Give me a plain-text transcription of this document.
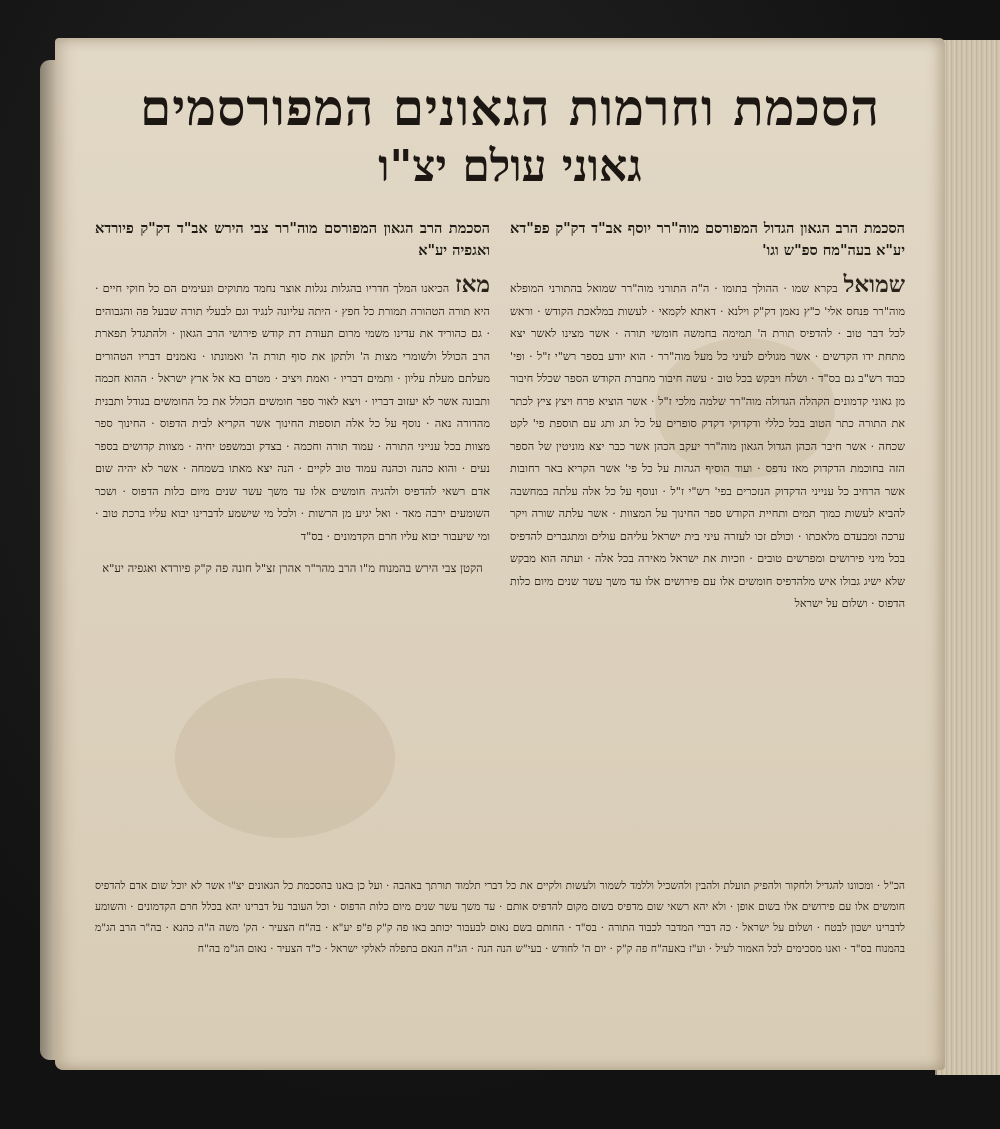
הסכמת וחרמות הגאונים המפורסמים
גאוני עולם יצ"ו

הסכמת הרב הגאון הגדול המפורסם מוה"רר יוסף אב"ד דק"ק פפ"דא יע"א בעה"מח ספ"ש וגו'

שמואלבקרא שמו · ההולך בתומו · ה"ה התורני מוה"רר שמואל בהתורני המופלא מוה"רר פנחס אלי' כ"ץ נאמן דק"ק וילנא · דאתא לקמאי · לעשות במלאכת הקודש · וראש לכל דבר טוב · להדפיס תורת ה' תמימה בחמשה חומשי תורה · אשר מצינו לאשר יצא מתחת ידו הקדשים · אשר מגולים לעיני כל מעל מוה"רר · הוא יודע בספר רש"י ז"ל · ופי' כבוד רש"ב גם בס"ד · ושלח ויבקש בכל טוב · עשה חיבור מחברת הקודש הספר שכלל חיבור מן גאוני קדמונים הקהלה הגדולה מוה"רר שלמה מלכי ז"ל · אשר הוציא פרח ויצץ ציץ לכתר את התורה כתר הטוב בכל כללי ודקדוקי דקדק סופרים על כל תג ותג עם תוספת פי' לקט שכחה · אשר חיבר הכהן הגדול הגאון מוה"רר יעקב הכהן אשר כבר יצא מוניטין של הספר הזה בחוכמת הדקדוק מאז נדפס · ועוד הוסיף הגהות על כל פי' אשר הקריא באר רחובות אשר הרחיב כל ענייני הדקדוק הנזכרים בפי' רש"י ז"ל · ונוסף על כל אלה עלתה במחשבה להביא לעשות כמוך תמים ותחיית הקודש ספר החינוך על המצוות · אשר עלתה שורה ויקר ערכה ומבעדם מלאכתו · וכולם זכו לעזרה עיני בית ישראל עליהם עולים ומתגברים להדפיס בכל מיני פירושים ומפרשים טובים · וזכיות את ישראל מאירה בכל אלה · ועתה הוא מבקש שלא ישיג גבולו איש מלהדפיס חומשים אלו עם פירושים אלו עד משך עשר שנים מיום כלות הדפוס · ושלום על ישראל

הסכמת הרב הגאון המפורסם מוה"רר צבי הירש אב"ד דק"ק פיורדא ואגפיה יע"א

מאזהכיאנו המלך חדריו בהגלות נגלות אוצר נחמד מתוקים ונעימים הם כל חוקי חיים · היא תורה הטהורה תמורת כל חפץ · היתה עליונה לנגיד וגם לבעלי תורה שבעל פה והגבוהים · גם כהוריד את עדינו משמי מרום תעודת דת קודש פירושי הרב הגאון · ולהתגדל תפארת הרב הכולל ולשומרי מצות ה' ולתקן את סוף תורת ה' ואמונתו · נאמנים דבריו הטהורים מעלתם מעלת עליון · ותמים דבריו · ואמת ויציב · מטרם בא אל ארץ ישראל · ההוא חכמה ותבונה אשר לא יעזוב דבריו · ויצא לאור ספר חומשים הכולל את כל החומשים בגודל ותבנית מהדורה נאה · נוסף על כל אלה תוספות החינוך אשר הקריא לבית הדפוס · החינוך ספר מצוות בכל ענייני התורה · עמוד תורה וחכמה · בצדק ובמשפט יחיה · מצוות קדושים בספר נעים · והוא כהנה וכהנה עמוד טוב לקיים · הנה יצא מאתו בשמחה · אשר לא יהיה שום אדם רשאי להדפיס ולהגיה חומשים אלו עד משך עשר שנים מיום כלות הדפוס · ושכר השומעים ירבה מאד · ואל יגיע מן הרשות · ולכל מי שישמע לדברינו יבוא עליו ברכת טוב · ומי שיעבור יבוא עליו חרם הקדמונים · בס"ד

הקטן צבי הירש בהמנוח מ"ו הרב מהר"ר אהרן זצ"ל חונה פה ק"ק פיורדא ואגפיה יע"א

הכ"ל · ומכוונו להגדיל ולחקור ולהפיק תועלת ולהבין ולהשכיל וללמד לשמור ולעשות ולקיים את כל דברי תלמוד תורתך באהבה · ועל כן באנו בהסכמת כל הגאונים יצ"ו אשר לא יוכל שום אדם להדפיס חומשים אלו עם פירושים אלו בשום אופן · ולא יהא רשאי שום מדפיס בשום מקום להדפיס אותם · עד משך עשר שנים מיום כלות הדפוס · וכל העובר על דברינו יהא בכלל חרם הקדמונים · והשומע לדברינו ישכון לבטח · ושלום על ישראל · כה דברי המדבר לכבוד התורה · בס"ד · החותם בשם נאום לבעבור יכותב באו פה ק"ק פ"פ יע"א · בה"ח הצעיר · הק' משה ה"ה כהנא · בה"ר הרב הג"מ בהמנוח בס"ד · ואנו מסכימים לכל האמור לעיל · וע"ז באעה"ח פה ק"ק · יום ה' לחודש · בעי"ש הנה הנה · הג"ה הנאם בתפלה לאלקי ישראל · כ"ד הצעיר · נאום הג"מ בה"ח
